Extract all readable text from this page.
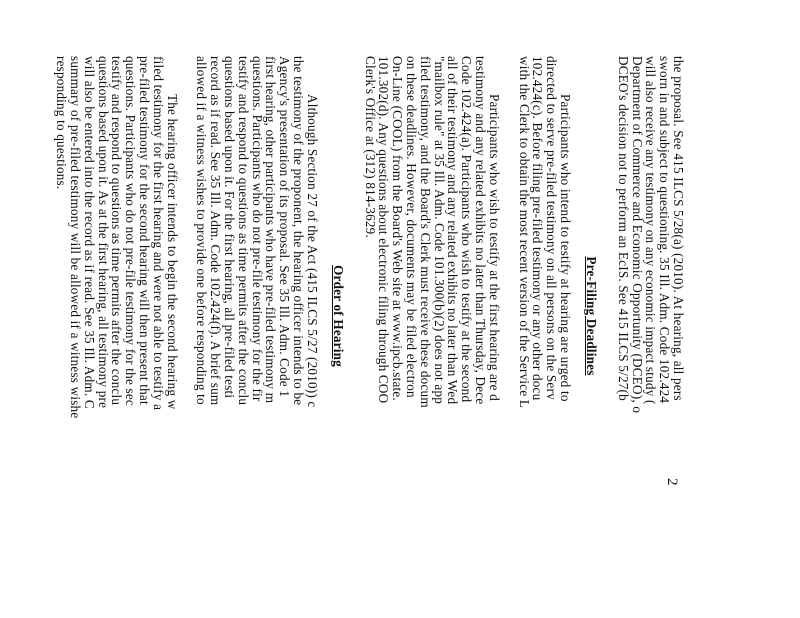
2
the proposal. See 415 ILCS 5/28(a) (2010). At hearing, all pers
sworn in and subject to questioning. 35 Ill. Adm. Code 102.424
will also receive any testimony on any economic impact study (
Department of Commerce and Economic Opportunity (DCEO), o
DCEO's decision not to perform an EcIS. See 415 ILCS 5/27(b
Pre-Filing Deadlines
Participants who intend to testify at hearing are urged to
directed to serve pre-filed testimony on all persons on the Serv
102.424(c). Before filing pre-filed testimony or any other docu
with the Clerk to obtain the most recent version of the Service L
Participants who wish to testify at the first hearing are d
testimony and any related exhibits no later than Thursday, Dece
Code 102.424(a). Participants who wish to testify at the second
all of their testimony and any related exhibits no later than Wed
"mailbox rule" at 35 Ill. Adm. Code 101.300(b)(2) does not app
filed testimony, and the Board's Clerk must receive these docum
on these deadlines. However, documents may be filed electron
On-Line (COOL) from the Board's Web site at www.ipcb.state.
101.302(d). Any questions about electronic filing through COO
Clerk's Office at (312) 814-3629.
Order of Hearing
Although Section 27 of the Act (415 ILCS 5/27 (2010)) c
the testimony of the proponent, the hearing officer intends to be
Agency's presentation of its proposal. See 35 Ill. Adm. Code 1
first hearing, other participants who have pre-filed testimony m
questions. Participants who do not pre-file testimony for the fir
testify and respond to questions as time permits after the conclu
questions based upon it. For the first hearing, all pre-filed testi
record as if read. See 35 Ill. Adm. Code 102.424(f). A brief sum
allowed if a witness wishes to provide one before responding to
The hearing officer intends to begin the second hearing w
filed testimony for the first hearing and were not able to testify a
pre-filed testimony for the second hearing will then present that
questions. Participants who do not pre-file testimony for the sec
testify and respond to questions as time permits after the conclu
questions based upon it. As at the first hearing, all testimony pre
will also be entered into the record as if read. See 35 Ill. Adm. C
summary of pre-filed testimony will be allowed if a witness wishe
responding to questions.
